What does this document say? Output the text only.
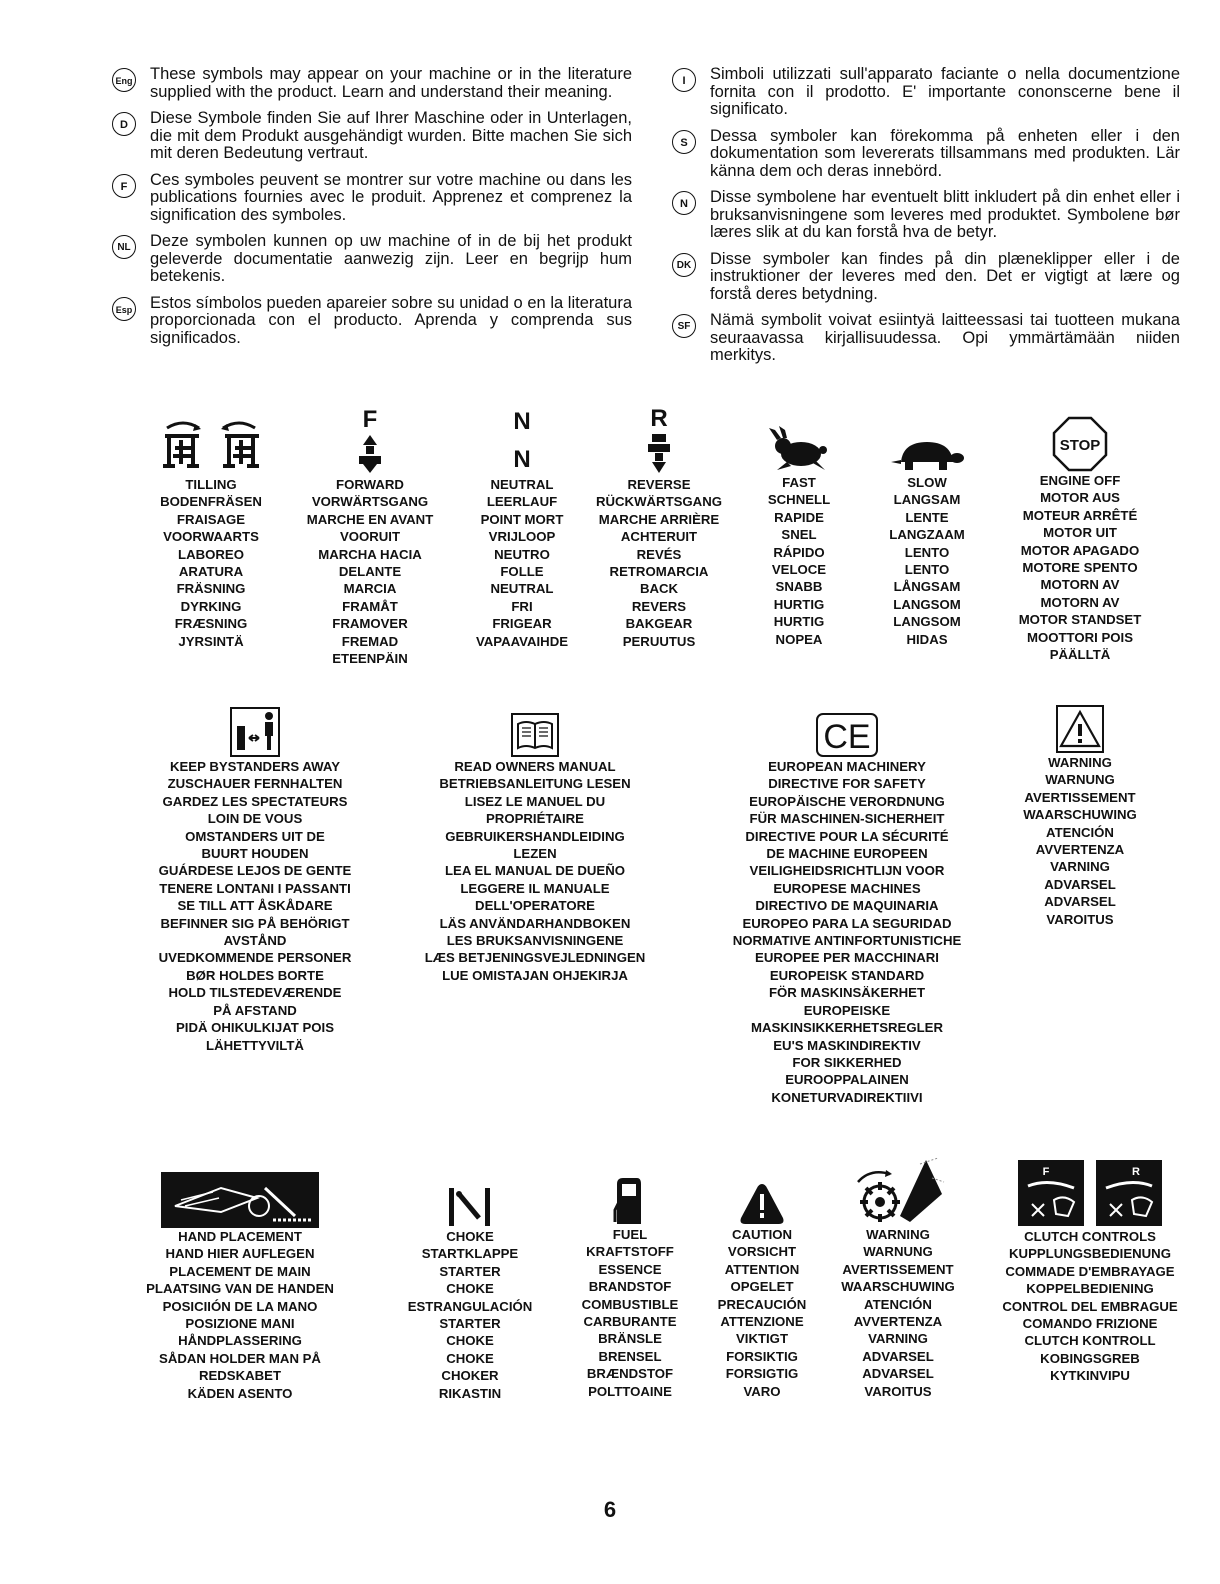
Eng These symbols may appear on your machine or in the literature supplied with the product. Learn and understand their meaning.
D	Diese Symbole finden Sie auf Ihrer Maschine oder in Unterlagen, die mit dem Produkt ausgehändigt wurden. Bitte machen Sie sich mit deren Bedeutung vertraut.
F	Ces symboles peuvent se montrer sur votre machine ou dans les publications fournies avec le produit. Apprenez et comprenez la signification des symboles.
NL	Deze symbolen kunnen op uw machine of in de bij het produkt geleverde documentatie aanwezig zijn. Leer en begrijp hum betekenis.
Esp Estos símbolos pueden apareier sobre su unidad o en la literatura proporcionada con el producto. Aprenda y comprenda sus significados.
I	Simboli utilizzati sull'apparato faciante o nella documentzione fornita con il prodotto. E' importante cononscerne bene il significato.
S	Dessa symboler kan förekomma på enheten eller i den dokumentation som levererats tillsammans med produkten. Lär känna dem och deras innebörd.
N	Disse symbolene har eventuelt blitt inkludert på din enhet eller i bruksanvisningene som leveres med produktet. Symbolene bør læres slik at du kan forstå hva de betyr.
DK Disse symboler kan findes på din plæneklipper eller i de instruktioner der leveres med den. Det er vigtigt at lære og forstå deres betydning.
SF	Nämä symbolit voivat esiintyä laitteessasi tai tuotteen mukana seuraavassa kirjallisuudessa. Opi ymmärtämään niiden merkitys.
TILLING
BODENFRÄSEN
FRAISAGE
VOORWAARTS
LABOREO
ARATURA
FRÄSNING
DYRKING
FRÆSNING
JYRSINTÄ
F
FORWARD
VORWÄRTSGANG
MARCHE EN AVANT
VOORUIT
MARCHA HACIA
DELANTE
MARCIA
FRAMÅT
FRAMOVER
FREMAD
ETEENPÄIN
N
N
NEUTRAL
LEERLAUF
POINT MORT
VRIJLOOP
NEUTRO
FOLLE
NEUTRAL
FRI
FRIGEAR
VAPAAVAIHDE
R
REVERSE
RÜCKWÄRTSGANG
MARCHE ARRIÈRE
ACHTERUIT
REVÉS
RETROMARCIA
BACK
REVERS
BAKGEAR
PERUUTUS
FAST
SCHNELL
RAPIDE
SNEL
RÁPIDO
VELOCE
SNABB
HURTIG
HURTIG
NOPEA
SLOW
LANGSAM
LENTE
LANGZAAM
LENTO
LENTO
LÅNGSAM
LANGSOM
LANGSOM
HIDAS
STOP
ENGINE OFF
MOTOR AUS
MOTEUR ARRÊTÉ
MOTOR UIT
MOTOR APAGADO
MOTORE SPENTO
MOTORN AV
MOTORN AV
MOTOR STANDSET
MOOTTORI POIS
PÄÄLLTÄ
KEEP BYSTANDERS AWAY
ZUSCHAUER FERNHALTEN
GARDEZ LES SPECTATEURS
LOIN DE VOUS
OMSTANDERS UIT DE
BUURT HOUDEN
GUÁRDESE LEJOS DE GENTE
TENERE LONTANI I PASSANTI
SE TILL ATT ÅSKÅDARE
BEFINNER SIG PÅ BEHÖRIGT
AVSTÅND
UVEDKOMMENDE PERSONER
BØR HOLDES BORTE
HOLD TILSTEDEVÆRENDE
PÅ AFSTAND
PIDÄ OHIKULKIJAT POIS
LÄHETTYVILTÄ
READ OWNERS MANUAL
BETRIEBSANLEITUNG LESEN
LISEZ LE MANUEL DU
PROPRIÉTAIRE
GEBRUIKERSHANDLEIDING
LEZEN
LEA EL MANUAL DE DUEÑO
LEGGERE IL MANUALE
DELL'OPERATORE
LÄS ANVÄNDARHANDBOKEN
LES BRUKSANVISNINGENE
LÆS BETJENINGSVEJLEDNINGEN
LUE OMISTAJAN OHJEKIRJA
CE
EUROPEAN MACHINERY
DIRECTIVE FOR SAFETY
EUROPÄISCHE VERORDNUNG
FÜR MASCHINEN-SICHERHEIT
DIRECTIVE POUR LA SÉCURITÉ
DE MACHINE EUROPEEN
VEILIGHEIDSRICHTLIJN VOOR
EUROPESE MACHINES
DIRECTIVO DE MAQUINARIA
EUROPEO PARA LA SEGURIDAD
NORMATIVE ANTINFORTUNISTICHE
EUROPEE PER MACCHINARI
EUROPEISK STANDARD
FÖR MASKINSÄKERHET
EUROPEISKE
MASKINSIKKERHETSREGLER
EU'S MASKINDIREKTIV
FOR SIKKERHED
EUROOPPALAINEN
KONETURVADIREKTIIVI
WARNING
WARNUNG
AVERTISSEMENT
WAARSCHUWING
ATENCIÓN
AVVERTENZA
VARNING
ADVARSEL
ADVARSEL
VAROITUS
HAND PLACEMENT
HAND HIER AUFLEGEN
PLACEMENT DE MAIN
PLAATSING VAN DE HANDEN
POSICIIÓN DE LA MANO
POSIZIONE MANI
HÅNDPLASSERING
SÅDAN HOLDER MAN PÅ
REDSKABET
KÄDEN ASENTO
CHOKE
STARTKLAPPE
STARTER
CHOKE
ESTRANGULACIÓN
STARTER
CHOKE
CHOKE
CHOKER
RIKASTIN
FUEL
KRAFTSTOFF
ESSENCE
BRANDSTOF
COMBUSTIBLE
CARBURANTE
BRÄNSLE
BRENSEL
BRÆNDSTOF
POLTTOAINE
CAUTION
VORSICHT
ATTENTION
OPGELET
PRECAUCIÓN
ATTENZIONE
VIKTIGT
FORSIKTIG
FORSIGTIG
VARO
WARNING
WARNUNG
AVERTISSEMENT
WAARSCHUWING
ATENCIÓN
AVVERTENZA
VARNING
ADVARSEL
ADVARSEL
VAROITUS
F	R
CLUTCH CONTROLS
KUPPLUNGSBEDIENUNG
COMMADE D'EMBRAYAGE
KOPPELBEDIENING
CONTROL DEL EMBRAGUE
COMANDO FRIZIONE
CLUTCH KONTROLL
KOBINGSGREB
KYTKINVIPU
6
